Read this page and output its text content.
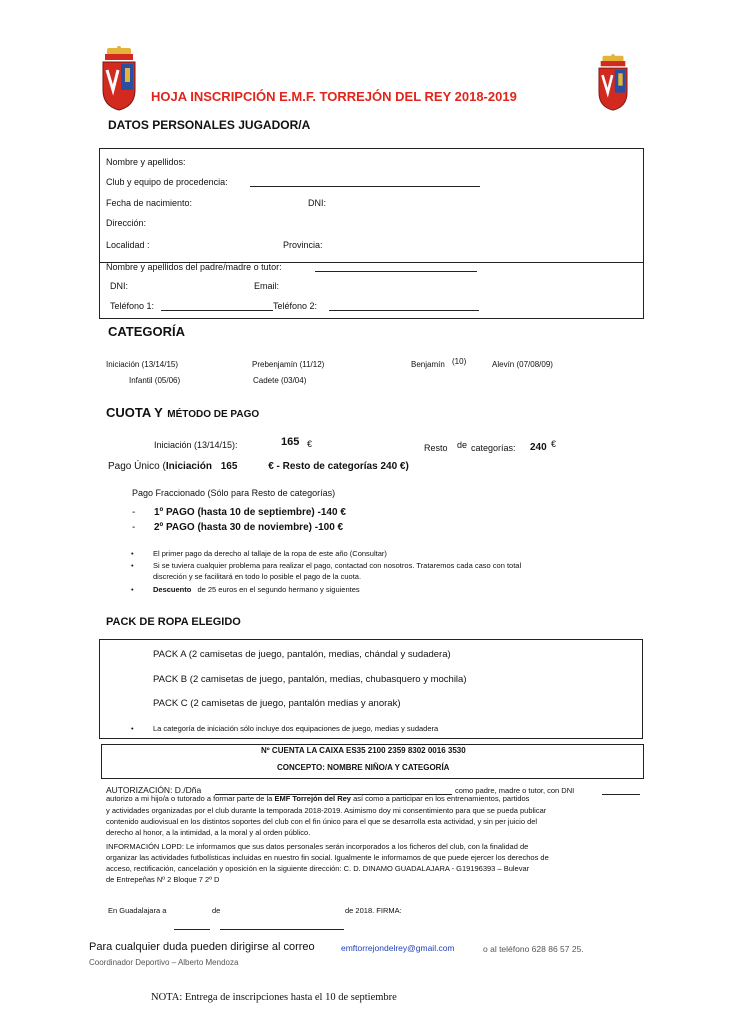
HOJA INSCRIPCIÓN E.M.F. TORREJÓN DEL REY 2018-2019
DATOS PERSONALES JUGADOR/A
Nombre y apellidos:
Club y equipo de procedencia:
Fecha de nacimiento:	DNI:
Dirección:
Localidad :	Provincia:
Nombre y apellidos del padre/madre o tutor:
DNI:	Email:
Teléfono 1:	Teléfono 2:
CATEGORÍA
Iniciación (13/14/15)	Prebenjamín (11/12)	Benjamín (10)	Alevín (07/08/09)
Infantil (05/06)	Cadete (03/04)
CUOTA Y MÉTODO DE PAGO
Iniciación (13/14/15):	165 €	Resto de categorías: 240 €
Pago Único (Iniciación 165	€ - Resto de categorías 240 €)
Pago Fraccionado (Sólo para Resto de categorías)
- 1º PAGO (hasta 10 de septiembre) -140 €
- 2º PAGO (hasta 30 de noviembre) -100 €
• El primer pago da derecho al tallaje de la ropa de este año (Consultar)
• Si se tuviera cualquier problema para realizar el pago, contactad con nosotros. Trataremos cada caso con total
discreción y se facilitará en todo lo posible el pago de la cuota.
• Descuento de 25 euros en el segundo hermano y siguientes
PACK DE ROPA ELEGIDO
PACK A (2 camisetas de juego, pantalón, medias, chándal y sudadera)
PACK B (2 camisetas de juego, pantalón, medias, chubasquero y mochila)
PACK C (2 camisetas de juego, pantalón medias y anorak)
• La categoría de iniciación sólo incluye dos equipaciones de juego, medias y sudadera
Nº CUENTA LA CAIXA ES35 2100 2359 8302 0016 3530
CONCEPTO: NOMBRE NIÑO/A Y CATEGORÍA
AUTORIZACIÓN: D./Dña	como padre, madre o tutor, con DNI
autorizo a mi hijo/a o tutorado a formar parte de la EMF Torrejón del Rey así como a participar en los entrenamientos, partidos
y actividades organizadas por el club durante la temporada 2018-2019. Asimismo doy mi consentimiento para que se pueda publicar
contenido audiovisual en los distintos soportes del club con el fin único para el que se desarrolla esta actividad, y sin per juicio del
derecho al honor, a la intimidad, a la moral y al orden público.
INFORMACIÓN LOPD: Le informamos que sus datos personales serán incorporados a los ficheros del club, con la finalidad de
organizar las actividades futbolísticas incluidas en nuestro fin social. Igualmente le informamos de que puede ejercer los derechos de
acceso, rectificación, cancelación y oposición en la siguiente dirección: C. D. DINAMO GUADALAJARA - G19196393 – Bulevar
de Entrepeñas Nº 2 Bloque 7 2º D
En Guadalajara a	de	de 2018. FIRMA:
Para cualquier duda pueden dirigirse al correo	emftorrejondelrey@gmail.com	o al teléfono 628 86 57 25.
Coordinador Deportivo – Alberto Mendoza
NOTA: Entrega de inscripciones hasta el 10 de septiembre
